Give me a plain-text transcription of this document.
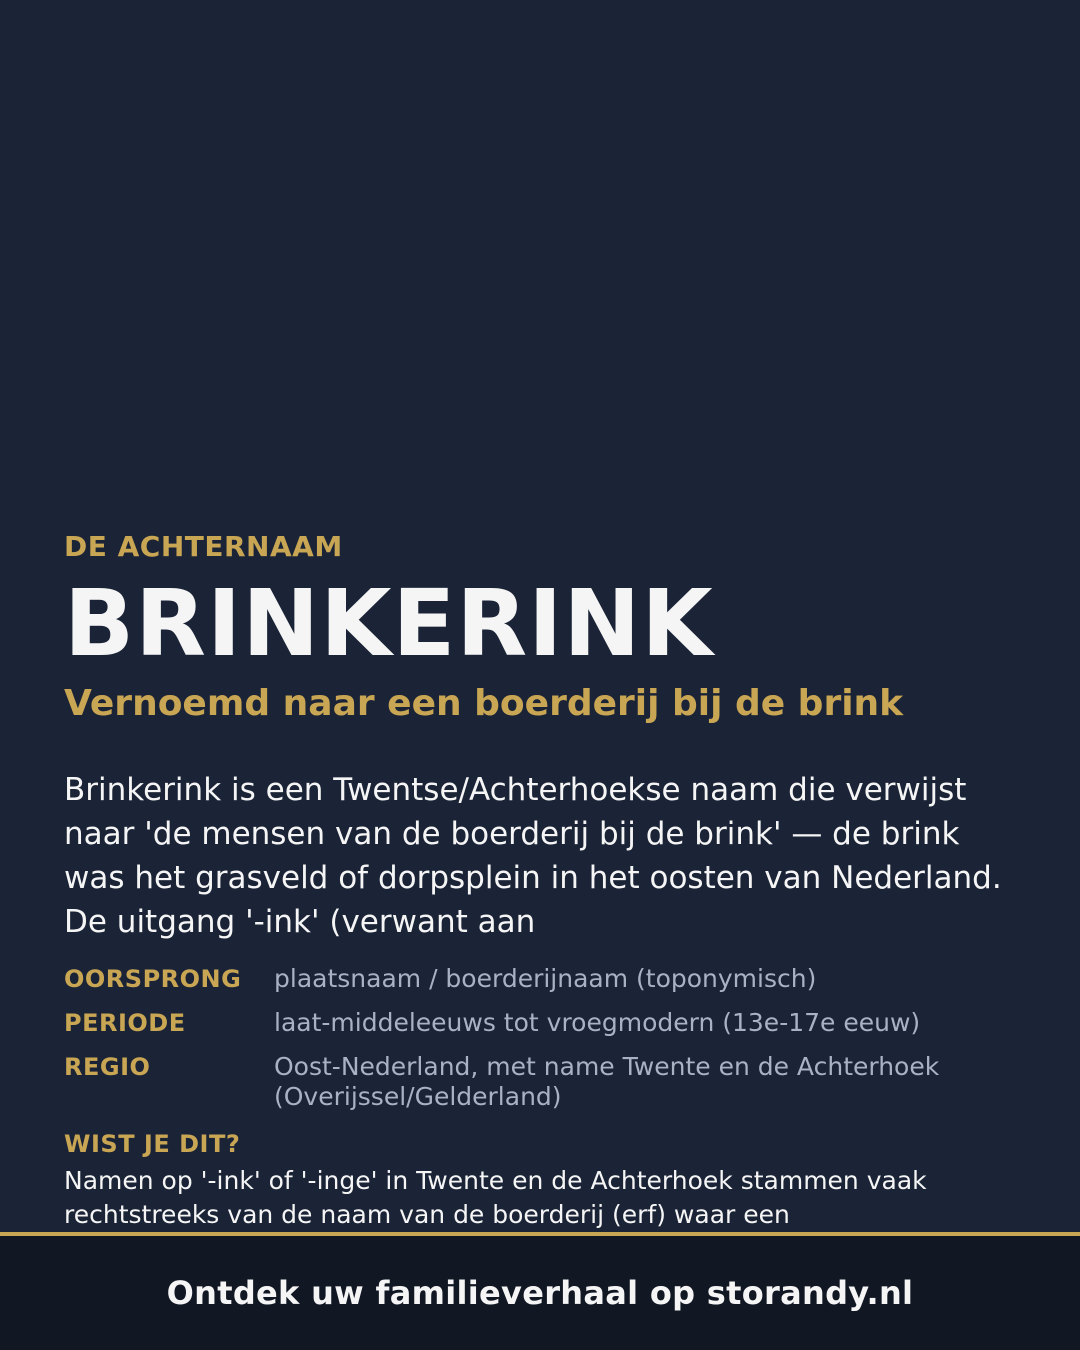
DE ACHTERNAAM
BRINKERINK
Vernoemd naar een boerderij bij de brink
Brinkerink is een Twentse/Achterhoekse naam die verwijst naar 'de mensen van de boerderij bij de brink' — de brink was het grasveld of dorpsplein in het oosten van Nederland. De uitgang '-ink' (verwant aan
OORSPRONG	plaatsnaam / boerderijnaam (toponymisch)
PERIODE	laat-middeleeuws tot vroegmodern (13e-17e eeuw)
REGIO	Oost-Nederland, met name Twente en de Achterhoek (Overijssel/Gelderland)
WIST JE DIT?
Namen op '-ink' of '-inge' in Twente en de Achterhoek stammen vaak rechtstreeks van de naam van de boerderij (erf) waar een
Ontdek uw familieverhaal op storandy.nl
